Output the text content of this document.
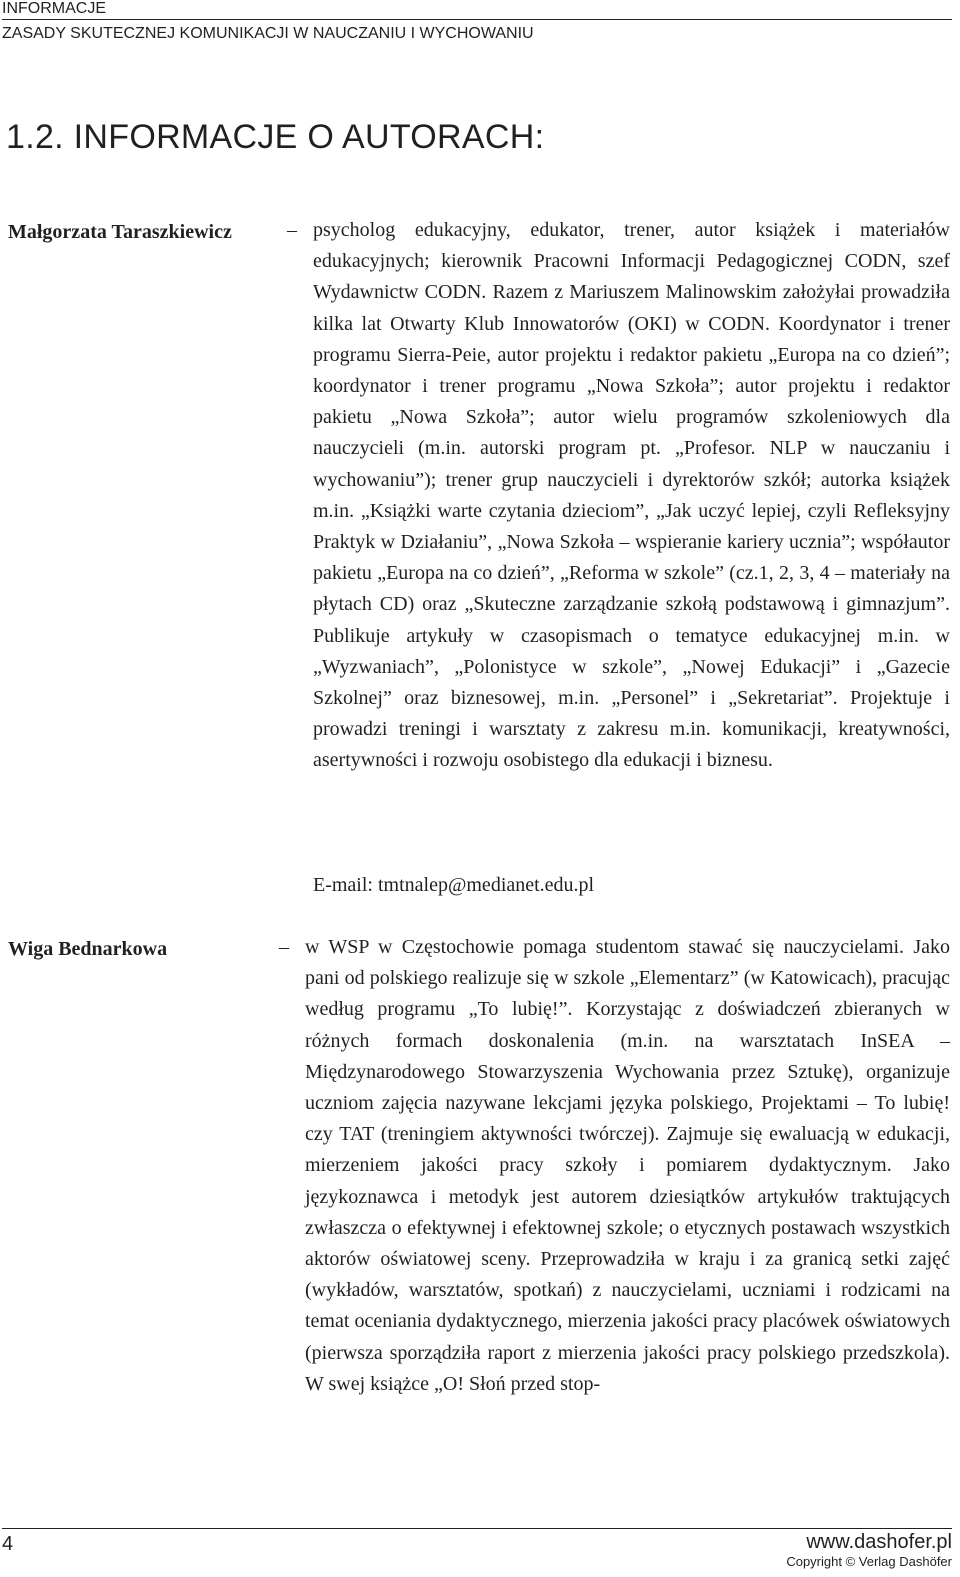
INFORMACJE
ZASADY SKUTECZNEJ KOMUNIKACJI W NAUCZANIU I WYCHOWANIU
1.2. INFORMACJE O AUTORACH:
Małgorzata Taraszkiewicz	– psycholog edukacyjny, edukator, trener, autor książek i materiałów edukacyjnych; kierownik Pracowni Informacji Pedagogicznej CODN, szef Wydawnictw CODN. Razem z Mariuszem Malinowskim założyłai prowadziła kilka lat Otwarty Klub Innowatorów (OKI) w CODN. Koordynator i trener programu Sierra-Peie, autor projektu i redaktor pakietu „Europa na co dzień”; koordynator i trener programu „Nowa Szkoła”; autor projektu i redaktor pakietu „Nowa Szkoła”; autor wielu programów szkoleniowych dla nauczycieli (m.in. autorski program pt. „Profesor. NLP w nauczaniu i wychowaniu”); trener grup nauczycieli i dyrektorów szkół; autorka książek m.in. „Książki warte czytania dzieciom”, „Jak uczyć lepiej, czyli Refleksyjny Praktyk w Działaniu”, „Nowa Szkoła – wspieranie kariery ucznia”; współautor pakietu „Europa na co dzień”, „Reforma w szkole” (cz.1, 2, 3, 4 – materiały na płytach CD) oraz „Skuteczne zarządzanie szkołą podstawową i gimnazjum”. Publikuje artykuły w czasopismach o tematyce edukacyjnej m.in. w „Wyzwaniach”, „Polonistyce w szkole”, „Nowej Edukacji” i „Gazecie Szkolnej” oraz biznesowej, m.in. „Personel” i „Sekretariat”. Projektuje i prowadzi treningi i warsztaty z zakresu m.in. komunikacji, kreatywności, asertywności i rozwoju osobistego dla edukacji i biznesu.

E-mail: tmtnalep@medianet.edu.pl
Wiga Bednarkowa	– w WSP w Częstochowie pomaga studentom stawać się nauczycielami. Jako pani od polskiego realizuje się w szkole „Elementarz” (w Katowicach), pracując według programu „To lubię!”. Korzystając z doświadczeń zbieranych w różnych formach doskonalenia (m.in. na warsztatach InSEA – Międzynarodowego Stowarzyszenia Wychowania przez Sztukę), organizuje uczniom zajęcia nazywane lekcjami języka polskiego, Projektami – To lubię! czy TAT (treningiem aktywności twórczej). Zajmuje się ewaluacją w edukacji, mierzeniem jakości pracy szkoły i pomiarem dydaktycznym. Jako językoznawca i metodyk jest autorem dziesiątków artykułów traktujących zwłaszcza o efektywnej i efektownej szkole; o etycznych postawach wszystkich aktorów oświatowej sceny. Przeprowadziła w kraju i za granicą setki zajęć (wykładów, warsztatów, spotkań) z nauczycielami, uczniami i rodzicami na temat oceniania dydaktycznego, mierzenia jakości pracy placówek oświatowych (pierwsza sporządziła raport z mierzenia jakości pracy polskiego przedszkola). W swej książce „O! Słoń przed stop-

4	www.dashofer.pl
Copyright © Verlag Dashöfer
